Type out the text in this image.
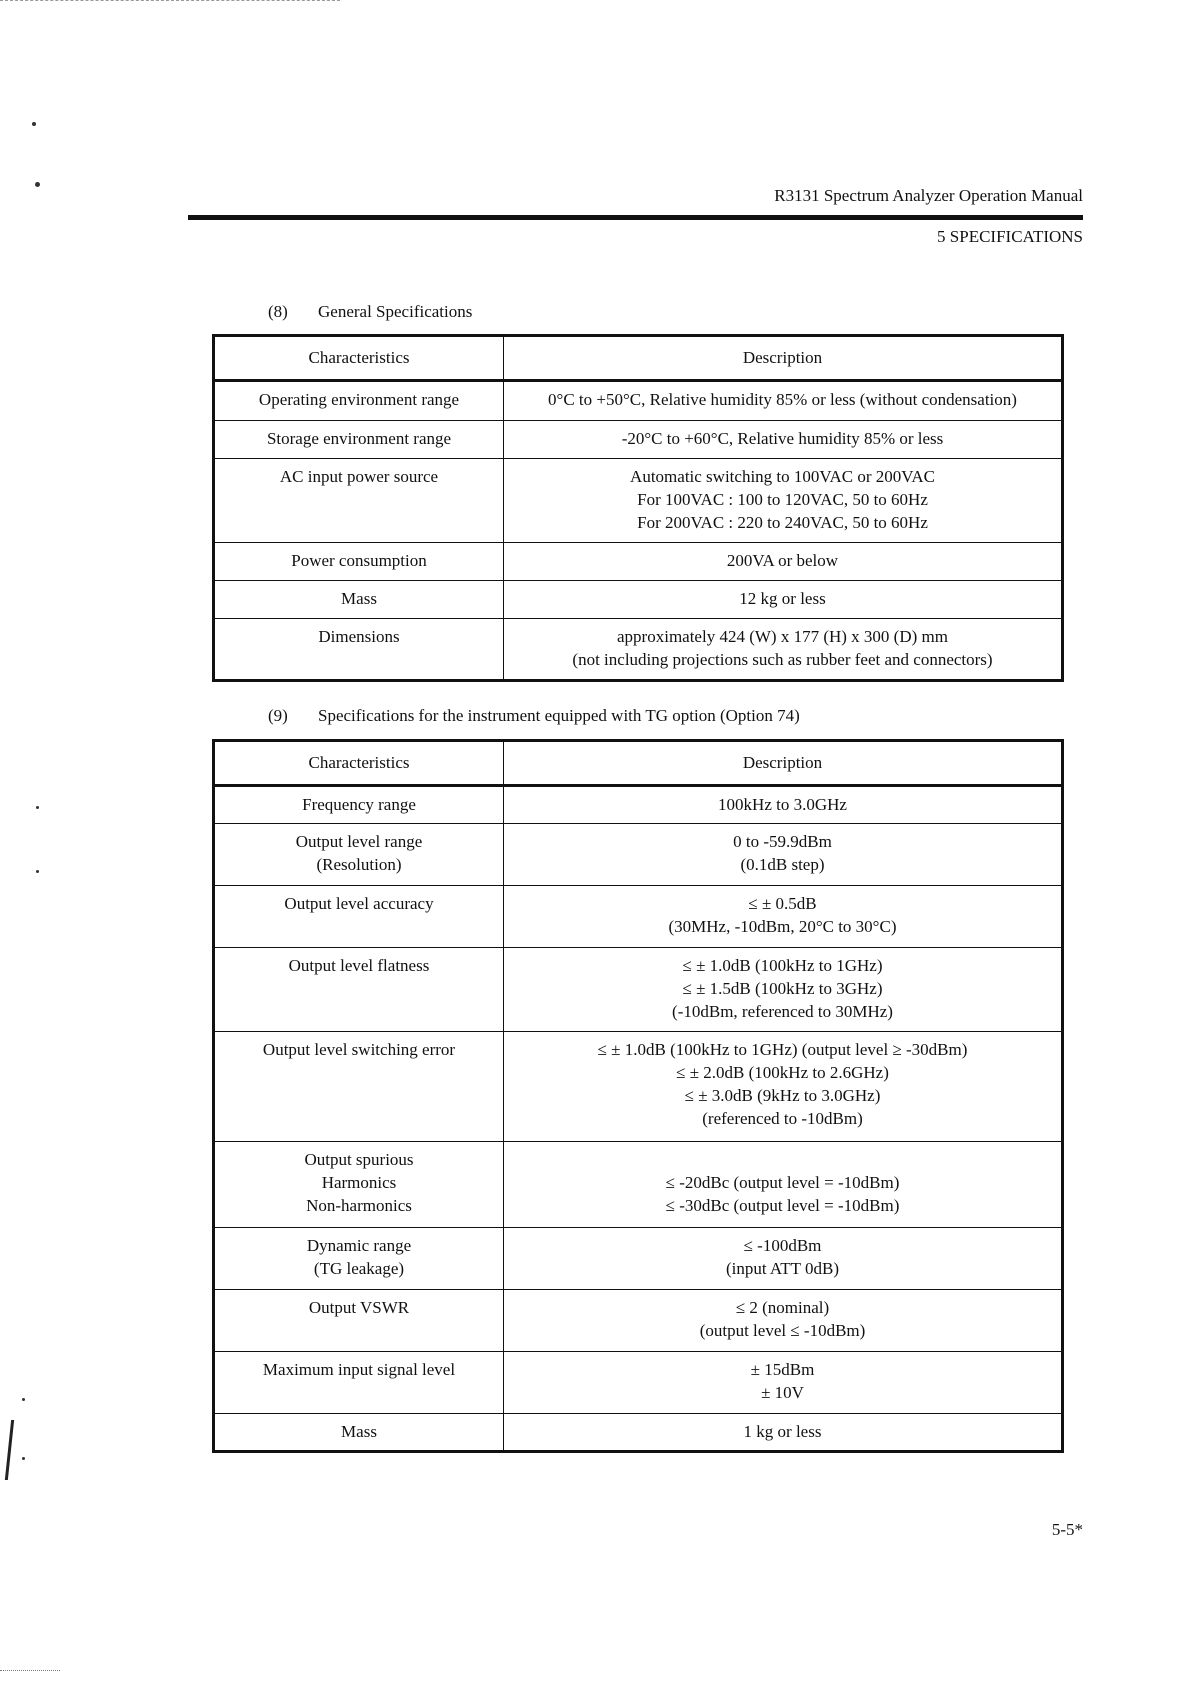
R3131 Spectrum Analyzer Operation Manual
5 SPECIFICATIONS
(8) General Specifications
Characteristics	Description

Operating environment range	0°C to +50°C, Relative humidity 85% or less (without condensation)

Storage environment range	-20°C to +60°C, Relative humidity 85% or less

AC input power source	Automatic switching to 100VAC or 200VAC
For 100VAC : 100 to 120VAC, 50 to 60Hz
For 200VAC : 220 to 240VAC, 50 to 60Hz

Power consumption	200VA or below

Mass	12 kg or less

Dimensions	approximately 424 (W) x 177 (H) x 300 (D) mm
(not including projections such as rubber feet and connectors)
(9) Specifications for the instrument equipped with TG option (Option 74)
Characteristics	Description

Frequency range	100kHz to 3.0GHz

Output level range
(Resolution)	0 to -59.9dBm
(0.1dB step)

Output level accuracy	≤ ± 0.5dB
(30MHz, -10dBm, 20°C to 30°C)

Output level flatness	≤ ± 1.0dB (100kHz to 1GHz)
≤ ± 1.5dB (100kHz to 3GHz)
(-10dBm, referenced to 30MHz)

Output level switching error	≤ ± 1.0dB (100kHz to 1GHz) (output level ≥ -30dBm)
≤ ± 2.0dB (100kHz to 2.6GHz)
≤ ± 3.0dB (9kHz to 3.0GHz)
(referenced to -10dBm)

Output spurious
Harmonics
Non-harmonics	≤ -20dBc (output level = -10dBm)
≤ -30dBc (output level = -10dBm)

Dynamic range
(TG leakage)	≤ -100dBm
(input ATT 0dB)

Output VSWR	≤ 2 (nominal)
(output level ≤ -10dBm)

Maximum input signal level	± 15dBm
± 10V

Mass	1 kg or less
5-5*
